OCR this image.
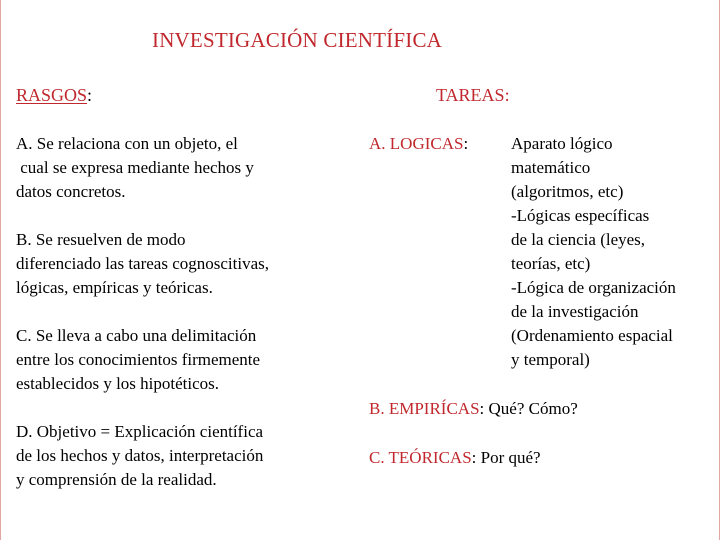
INVESTIGACIÓN CIENTÍFICA
RASGOS:	TAREAS:

A. Se relaciona con un objeto, el
cual se expresa mediante hechos y
datos concretos.

B. Se resuelven de modo
diferenciado las tareas cognoscitivas,
lógicas, empíricas y teóricas.

C. Se lleva a cabo una delimitación
entre los conocimientos firmemente
establecidos y los hipotéticos.

D. Objetivo = Explicación científica
de los hechos y datos, interpretación
y comprensión de la realidad.

A. LOGICAS:	Aparato lógico
matemático
(algoritmos, etc)
-Lógicas específicas
de la ciencia (leyes,
teorías, etc)
-Lógica de organización
de la investigación
(Ordenamiento espacial
y temporal)

B. EMPIRÍCAS: Qué? Cómo?
C. TEÓRICAS: Por qué?
